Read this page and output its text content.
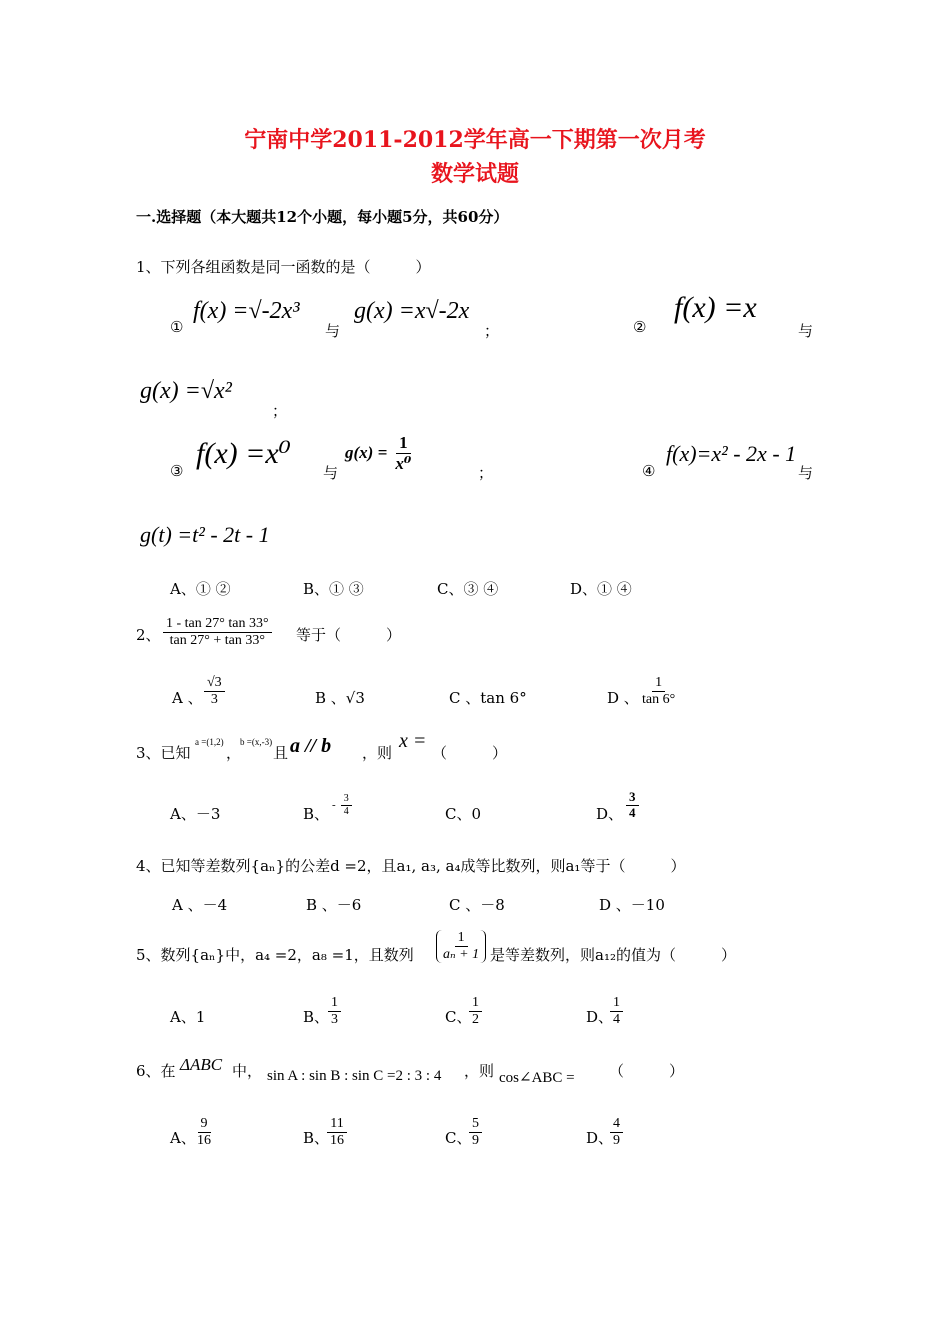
宁南中学2011-2012学年高一下期第一次月考
数学试题
一.选择题（本大题共12个小题，每小题5分，共60分）
1、下列各组函数是同一函数的是（　　　）
①
f(x) =√-2x³
与
g(x) =x√-2x
；	②
f(x) =x
与
g(x) =√x²
；
③
f(x) =x⁰
与
$g(x) = \frac{1}{\text{x⁰}}$	；	④
f(x)=x² - 2x - 1
与
g(t) =t² - 2t - 1
A、① ②	B、① ③	C、③ ④	D、① ④
2、 $\frac{1 - \tan 27^\circ \tan 33^\circ}{\tan 27^\circ + \tan 33^\circ}$ 等于（　　　）
A 、 $\frac{√3}{3}$	B 、√3	C 、tan 6°	D 、 $\frac{1}{\tan 6^\circ}$
3、已知
a =(1,2)
，
b =(x,-3)
且 a // b ，则
x =
（　　　）
A、－3	B、 - $\frac{3}{4}$	C、0	D、 $\frac{3}{4}$
4、已知等差数列{aₙ}的公差d =2，且a₁, a₃, a₄成等比数列，则a₁等于（　　　）
A 、－4	B 、－6	C 、－8	D 、－10
5、数列{aₙ}中，a₄ =2，a₈ =1，且数列 $\frac{1}{\text{aₙ + 1}}$ 是等差数列，则a₁₂的值为（　　　）
A、1	B、
$\frac{1}{3}$	C、
$\frac{1}{2}$	D、
$\frac{1}{4}$
6、在 ΔABC 中， sin A : sin B : sin C =2 : 3 : 4 ，则 cos∠ABC = （　　　）
A、
$\frac{9}{16}$	B、
$\frac{11}{16}$	C、
$\frac{5}{9}$	D、
$\frac{4}{9}$
